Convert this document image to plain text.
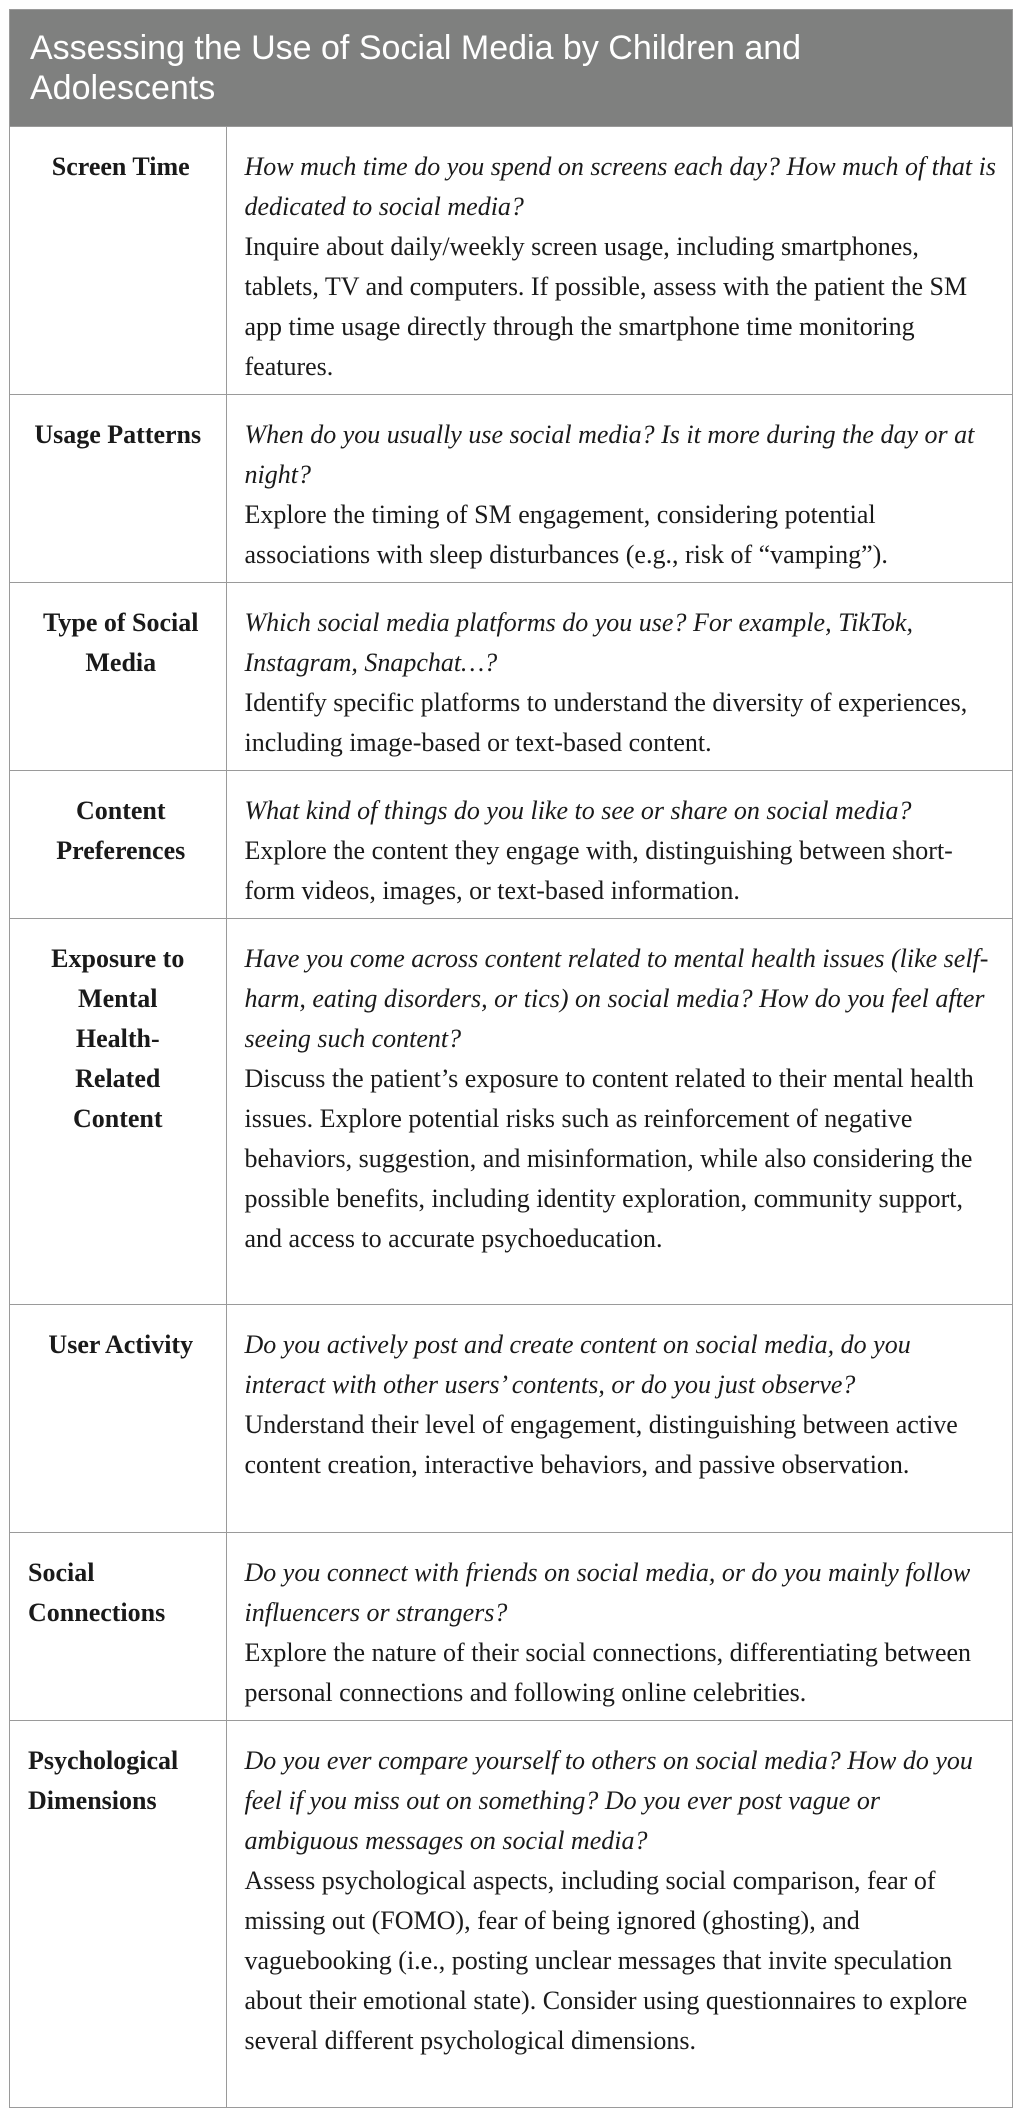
Assessing the Use of Social Media by Children and Adolescents
Screen Time	How much time do you spend on screens each day? How much of that is dedicated to social media?
Inquire about daily/weekly screen usage, including smartphones, tablets, TV and computers. If possible, assess with the patient the SM app time usage directly through the smartphone time monitoring features.

Usage Patterns	When do you usually use social media? Is it more during the day or at night?
Explore the timing of SM engagement, considering potential associations with sleep disturbances (e.g., risk of “vamping”).

Type of Social Media	Which social media platforms do you use? For example, TikTok, Instagram, Snapchat…?
Identify specific platforms to understand the diversity of experiences, including image-based or text-based content.

Content Preferences	What kind of things do you like to see or share on social media?
Explore the content they engage with, distinguishing between short-form videos, images, or text-based information.

Exposure to Mental Health-Related Content	Have you come across content related to mental health issues (like self-harm, eating disorders, or tics) on social media? How do you feel after seeing such content?
Discuss the patient’s exposure to content related to their mental health issues. Explore potential risks such as reinforcement of negative behaviors, suggestion, and misinformation, while also considering the possible benefits, including identity exploration, community support, and access to accurate psychoeducation.

User Activity	Do you actively post and create content on social media, do you interact with other users’ contents, or do you just observe?
Understand their level of engagement, distinguishing between active content creation, interactive behaviors, and passive observation.

Social Connections	Do you connect with friends on social media, or do you mainly follow influencers or strangers?
Explore the nature of their social connections, differentiating between personal connections and following online celebrities.

Psychological Dimensions	Do you ever compare yourself to others on social media? How do you feel if you miss out on something? Do you ever post vague or ambiguous messages on social media?
Assess psychological aspects, including social comparison, fear of missing out (FOMO), fear of being ignored (ghosting), and vaguebooking (i.e., posting unclear messages that invite speculation about their emotional state). Consider using questionnaires to explore several different psychological dimensions.
